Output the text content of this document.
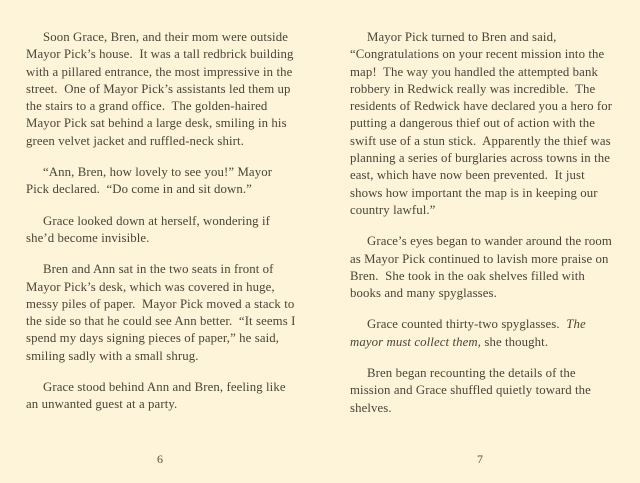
Soon Grace, Bren, and their mom were outside Mayor Pick’s house.  It was a tall redbrick building with a pillared entrance, the most impressive in the street.  One of Mayor Pick’s assistants led them up the stairs to a grand office.  The golden-haired Mayor Pick sat behind a large desk, smiling in his green velvet jacket and ruffled-neck shirt.

“Ann, Bren, how lovely to see you!” Mayor Pick declared.  “Do come in and sit down.”

Grace looked down at herself, wondering if she’d become invisible.

Bren and Ann sat in the two seats in front of Mayor Pick’s desk, which was covered in huge, messy piles of paper.  Mayor Pick moved a stack to the side so that he could see Ann better.  “It seems I spend my days signing pieces of paper,” he said, smiling sadly with a small shrug.

Grace stood behind Ann and Bren, feeling like an unwanted guest at a party.

6

Mayor Pick turned to Bren and said, “Congratulations on your recent mission into the map!  The way you handled the attempted bank robbery in Redwick really was incredible.  The residents of Redwick have declared you a hero for putting a dangerous thief out of action with the swift use of a stun stick.  Apparently the thief was planning a series of burglaries across towns in the east, which have now been prevented.  It just shows how important the map is in keeping our country lawful.”

Grace’s eyes began to wander around the room as Mayor Pick continued to lavish more praise on Bren.  She took in the oak shelves filled with books and many spyglasses.

Grace counted thirty-two spyglasses.  The mayor must collect them, she thought.

Bren began recounting the details of the mission and Grace shuffled quietly toward the shelves.

7
